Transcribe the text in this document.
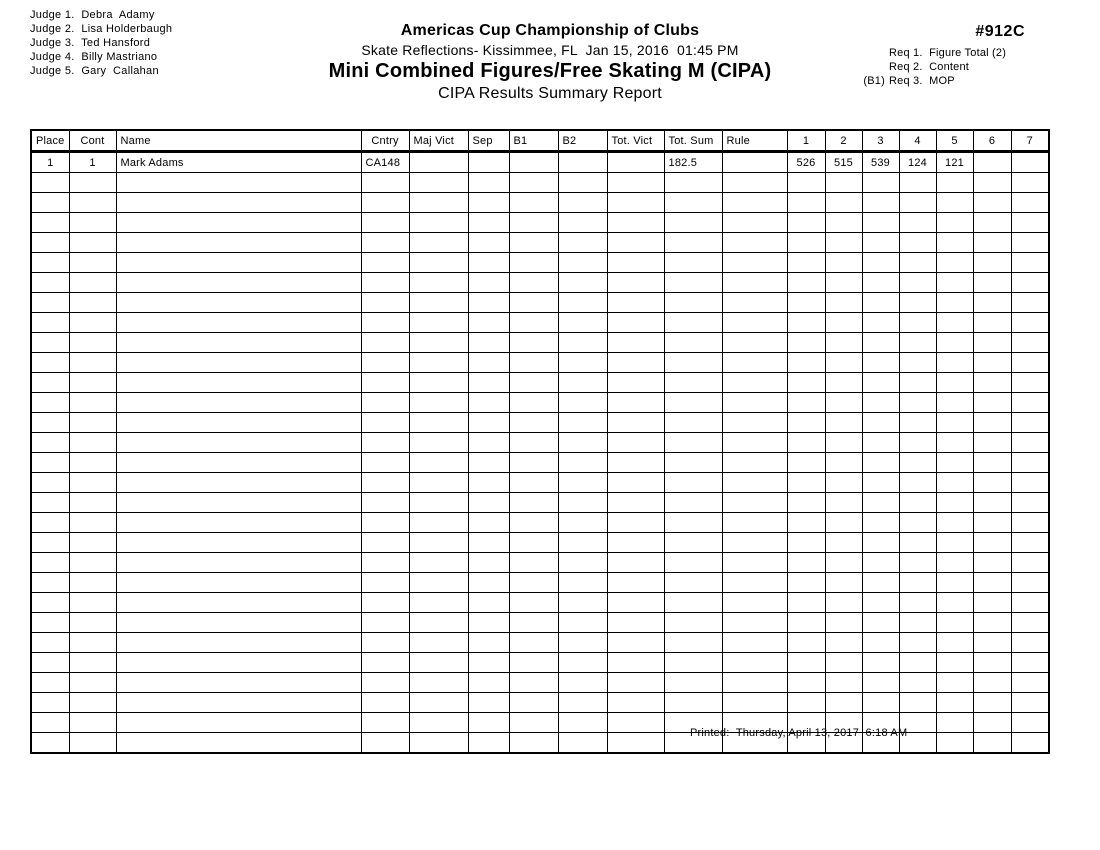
Judge 1.  Debra  Adamy
Judge 2.  Lisa Holderbaugh
Judge 3.  Ted Hansford
Judge 4.  Billy Mastriano
Judge 5.  Gary  Callahan
Americas Cup Championship of Clubs
Skate Reflections- Kissimmee, FL  Jan 15, 2016  01:45 PM
Mini Combined Figures/Free Skating M (CIPA)
CIPA Results Summary Report
#912C
Req 1.  Figure Total (2)
Req 2.  Content
(B1) Req 3.  MOP
Place	Cont	Name	Cntry	Maj Vict	Sep	B1	B2	Tot. Vict	Tot. Sum	Rule	1	2	3	4	5	6	7
1	1	Mark Adams	CA148						182.5		526	515	539	124	121		

Printed:  Thursday, April 13, 2017  6:18 AM
